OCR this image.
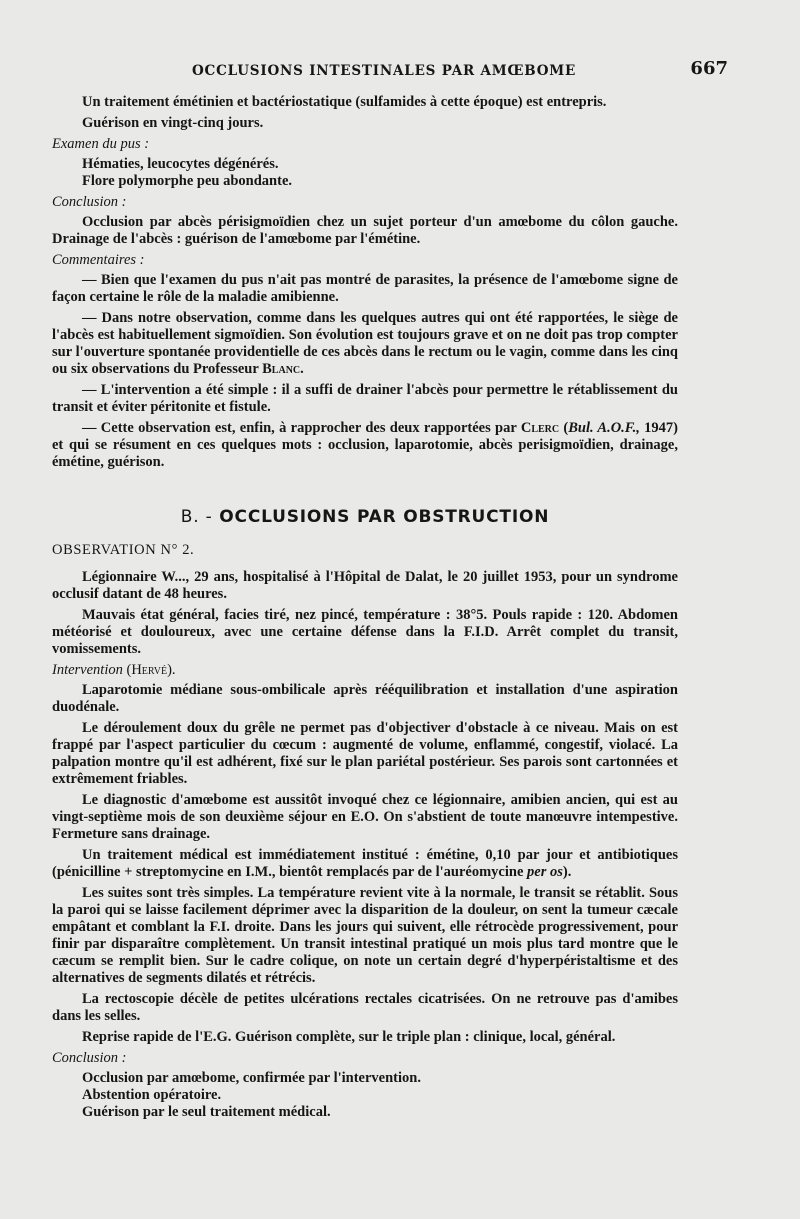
OCCLUSIONS INTESTINALES PAR AMŒBOME	667

Un traitement émétinien et bactériostatique (sulfamides à cette époque) est entrepris.

Guérison en vingt-cinq jours.

Examen du pus :

Hématies, leucocytes dégénérés.

Flore polymorphe peu abondante.

Conclusion :

Occlusion par abcès périsigmoïdien chez un sujet porteur d'un amœbome du côlon gauche. Drainage de l'abcès : guérison de l'amœbome par l'émétine.

Commentaires :

— Bien que l'examen du pus n'ait pas montré de parasites, la présence de l'amœbome signe de façon certaine le rôle de la maladie amibienne.

— Dans notre observation, comme dans les quelques autres qui ont été rapportées, le siège de l'abcès est habituellement sigmoïdien. Son évolution est toujours grave et on ne doit pas trop compter sur l'ouverture spontanée providentielle de ces abcès dans le rectum ou le vagin, comme dans les cinq ou six observations du Professeur Blanc.

— L'intervention a été simple : il a suffi de drainer l'abcès pour permettre le rétablissement du transit et éviter péritonite et fistule.

— Cette observation est, enfin, à rapprocher des deux rapportées par Clerc (Bul. A.O.F., 1947) et qui se résument en ces quelques mots : occlusion, laparotomie, abcès perisigmoïdien, drainage, émétine, guérison.

B. - OCCLUSIONS PAR OBSTRUCTION
OBSERVATION N° 2.

Légionnaire W..., 29 ans, hospitalisé à l'Hôpital de Dalat, le 20 juillet 1953, pour un syndrome occlusif datant de 48 heures.

Mauvais état général, facies tiré, nez pincé, température : 38°5. Pouls rapide : 120. Abdomen météorisé et douloureux, avec une certaine défense dans la F.I.D. Arrêt complet du transit, vomissements.

Intervention (Hervé).

Laparotomie médiane sous-ombilicale après rééquilibration et installation d'une aspiration duodénale.

Le déroulement doux du grêle ne permet pas d'objectiver d'obstacle à ce niveau. Mais on est frappé par l'aspect particulier du cœcum : augmenté de volume, enflammé, congestif, violacé. La palpation montre qu'il est adhérent, fixé sur le plan pariétal postérieur. Ses parois sont cartonnées et extrêmement friables.

Le diagnostic d'amœbome est aussitôt invoqué chez ce légionnaire, amibien ancien, qui est au vingt-septième mois de son deuxième séjour en E.O. On s'abstient de toute manœuvre intempestive. Fermeture sans drainage.

Un traitement médical est immédiatement institué : émétine, 0,10 par jour et antibiotiques (pénicilline + streptomycine en I.M., bientôt remplacés par de l'auréomycine per os).

Les suites sont très simples. La température revient vite à la normale, le transit se rétablit. Sous la paroi qui se laisse facilement déprimer avec la disparition de la douleur, on sent la tumeur cæcale empâtant et comblant la F.I. droite. Dans les jours qui suivent, elle rétrocède progressivement, pour finir par disparaître complètement. Un transit intestinal pratiqué un mois plus tard montre que le cæcum se remplit bien. Sur le cadre colique, on note un certain degré d'hyperpéristaltisme et des alternatives de segments dilatés et rétrécis.

La rectoscopie décèle de petites ulcérations rectales cicatrisées. On ne retrouve pas d'amibes dans les selles.

Reprise rapide de l'E.G. Guérison complète, sur le triple plan : clinique, local, général.

Conclusion :

Occlusion par amœbome, confirmée par l'intervention.

Abstention opératoire.

Guérison par le seul traitement médical.
